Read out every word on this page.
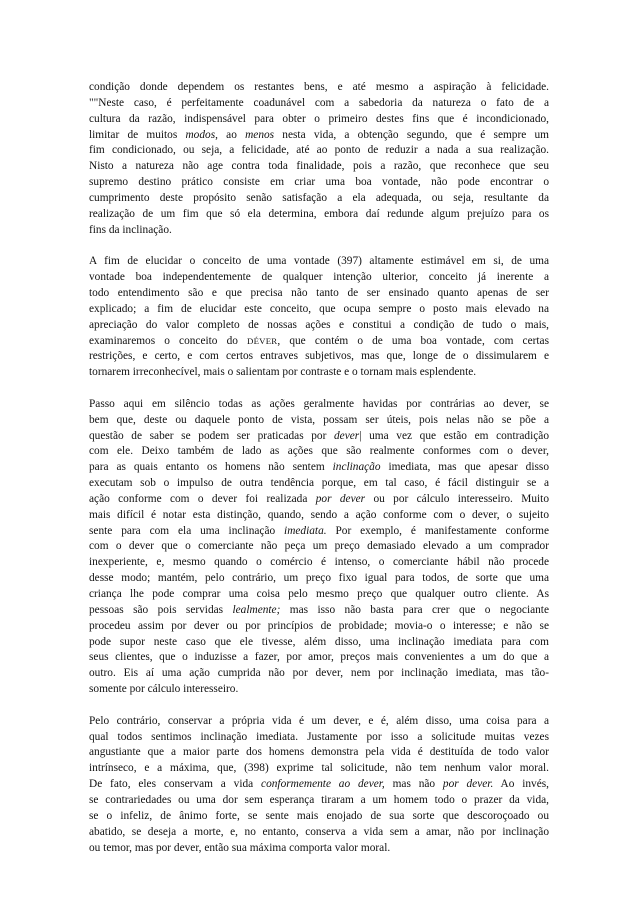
condição donde dependem os restantes bens, e até mesmo a aspiração à felicidade.
""Neste caso, é perfeitamente coadunável com a sabedoria da natureza o fato de a
cultura da razão, indispensável para obter o primeiro destes fins que é incondicionado,
limitar de muitos modos, ao menos nesta vida, a obtenção segundo, que é sempre um
fim condicionado, ou seja, a felicidade, até ao ponto de reduzir a nada a sua realização.
Nisto a natureza não age contra toda finalidade, pois a razão, que reconhece que seu
supremo destino prático consiste em criar uma boa vontade, não pode encontrar o
cumprimento deste propósito senão satisfação a ela adequada, ou seja, resultante da
realização de um fim que só ela determina, embora daí redunde algum prejuízo para os
fins da inclinação.
A fim de elucidar o conceito de uma vontade (397) altamente estimável em si, de uma
vontade boa independentemente de qualquer intenção ulterior, conceito já inerente a
todo entendimento são e que precisa não tanto de ser ensinado quanto apenas de ser
explicado; a fim de elucidar este conceito, que ocupa sempre o posto mais elevado na
apreciação do valor completo de nossas ações e constitui a condição de tudo o mais,
examinaremos o conceito do DÉVER, que contém o de uma boa vontade, com certas
restrições, e certo, e com certos entraves subjetivos, mas que, longe de o dissimularem e
tornarem irreconhecível, mais o salientam por contraste e o tornam mais esplendente.
Passo aqui em silêncio todas as ações geralmente havidas por contrárias ao dever, se
bem que, deste ou daquele ponto de vista, possam ser úteis, pois nelas não se põe a
questão de saber se podem ser praticadas por dever| uma vez que estão em contradição
com ele. Deixo também de lado as ações que são realmente conformes com o dever,
para as quais entanto os homens não sentem inclinação imediata, mas que apesar disso
executam sob o impulso de outra tendência porque, em tal caso, é fácil distinguir se a
ação conforme com o dever foi realizada por dever ou por cálculo interesseiro. Muito
mais difícil é notar esta distinção, quando, sendo a ação conforme com o dever, o sujeito
sente para com ela uma inclinação imediata. Por exemplo, é manifestamente conforme
com o dever que o comerciante não peça um preço demasiado elevado a um comprador
inexperiente, e, mesmo quando o comércio é intenso, o comerciante hábil não procede
desse modo; mantém, pelo contrário, um preço fixo igual para todos, de sorte que uma
criança lhe pode comprar uma coisa pelo mesmo preço que qualquer outro cliente. As
pessoas são pois servidas lealmente; mas isso não basta para crer que o negociante
procedeu assim por dever ou por princípios de probidade; movia-o o interesse; e não se
pode supor neste caso que ele tivesse, além disso, uma inclinação imediata para com
seus clientes, que o induzisse a fazer, por amor, preços mais convenientes a um do que a
outro. Eis aí uma ação cumprida não por dever, nem por inclinação imediata, mas tão-
somente por cálculo interesseiro.
Pelo contrário, conservar a própria vida é um dever, e é, além disso, uma coisa para a
qual todos sentimos inclinação imediata. Justamente por isso a solicitude muitas vezes
angustiante que a maior parte dos homens demonstra pela vida é destituída de todo valor
intrínseco, e a máxima, que, (398) exprime tal solicitude, não tem nenhum valor moral.
De fato, eles conservam a vida conformemente ao dever, mas não por dever. Ao invés,
se contrariedades ou uma dor sem esperança tiraram a um homem todo o prazer da vida,
se o infeliz, de ânimo forte, se sente mais enojado de sua sorte que descoroçoado ou
abatido, se deseja a morte, e, no entanto, conserva a vida sem a amar, não por inclinação
ou temor, mas por dever, então sua máxima comporta valor moral.
